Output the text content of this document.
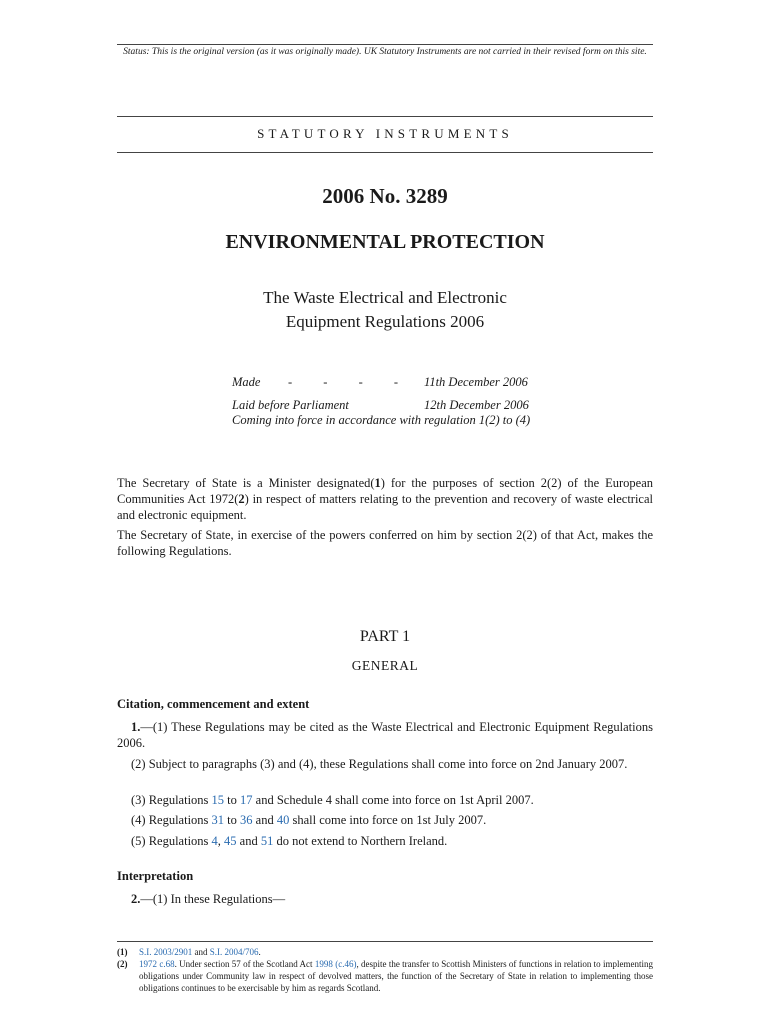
Status: This is the original version (as it was originally made). UK Statutory Instruments are not carried in their revised form on this site.
STATUTORY INSTRUMENTS
2006 No. 3289
ENVIRONMENTAL PROTECTION
The Waste Electrical and Electronic
Equipment Regulations 2006
Made - - - - 11th December 2006
Laid before Parliament	12th December 2006
Coming into force in accordance with regulation 1(2) to (4)
The Secretary of State is a Minister designated(1) for the purposes of section 2(2) of the European Communities Act 1972(2) in respect of matters relating to the prevention and recovery of waste electrical and electronic equipment.
The Secretary of State, in exercise of the powers conferred on him by section 2(2) of that Act, makes the following Regulations.
PART 1
GENERAL
Citation, commencement and extent
1.—(1) These Regulations may be cited as the Waste Electrical and Electronic Equipment Regulations 2006.
(2) Subject to paragraphs (3) and (4), these Regulations shall come into force on 2nd January 2007.
(3) Regulations 15 to 17 and Schedule 4 shall come into force on 1st April 2007.
(4) Regulations 31 to 36 and 40 shall come into force on 1st July 2007.
(5) Regulations 4, 45 and 51 do not extend to Northern Ireland.
Interpretation
2.—(1) In these Regulations—
(1) S.I. 2003/2901 and S.I. 2004/706.
(2) 1972 c.68. Under section 57 of the Scotland Act 1998 (c.46), despite the transfer to Scottish Ministers of functions in relation to implementing obligations under Community law in respect of devolved matters, the function of the Secretary of State in relation to implementing those obligations continues to be exercisable by him as regards Scotland.
